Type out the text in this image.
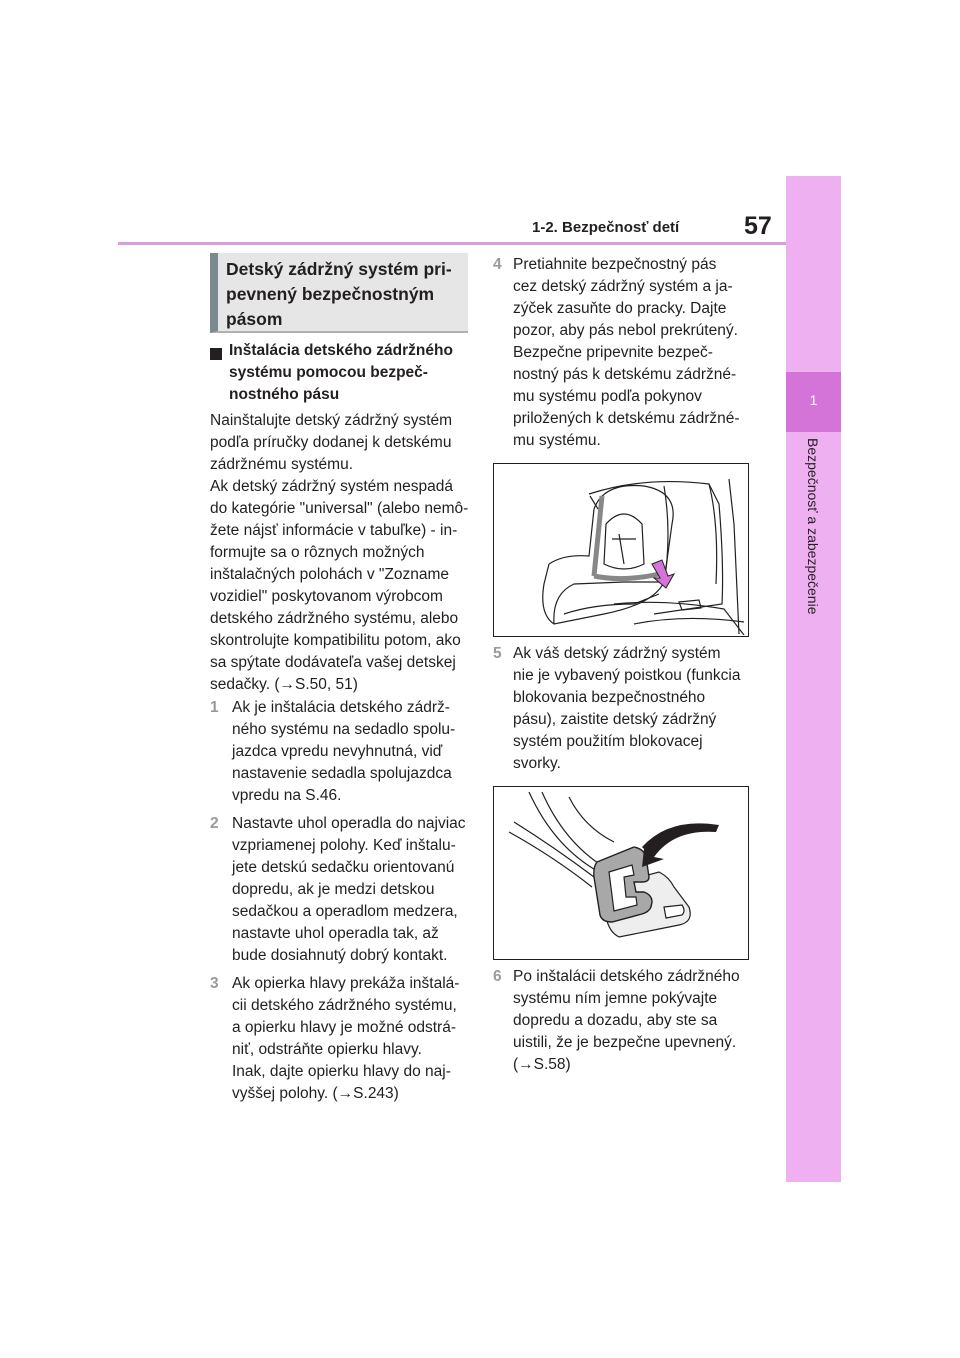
1-2. Bezpečnosť detí	57
1
Bezpečnosť a zabezpečenie
Detský zádržný systém pri-
pevnený bezpečnostným
pásom
Inštalácia detského zádržného
systému pomocou bezpeč-
nostného pásu
Nainštalujte detský zádržný systém
podľa príručky dodanej k detskému
zádržnému systému.
Ak detský zádržný systém nespadá
do kategórie "universal" (alebo nemô-
žete nájsť informácie v tabuľke) - in-
formujte sa o rôznych možných
inštalačných polohách v "Zozname
vozidiel" poskytovanom výrobcom
detského zádržného systému, alebo
skontrolujte kompatibilitu potom, ako
sa spýtate dodávateľa vašej detskej
sedačky. (→S.50, 51)
1 Ak je inštalácia detského zádrž-
ného systému na sedadlo spolu-
jazdca vpredu nevyhnutná, viď
nastavenie sedadla spolujazdca
vpredu na S.46.
2 Nastavte uhol operadla do najviac
vzpriamenej polohy. Keď inštalu-
jete detskú sedačku orientovanú
dopredu, ak je medzi detskou
sedačkou a operadlom medzera,
nastavte uhol operadla tak, až
bude dosiahnutý dobrý kontakt.
3 Ak opierka hlavy prekáža inštalá-
cii detského zádržného systému,
a opierku hlavy je možné odstrá-
niť, odstráňte opierku hlavy.
Inak, dajte opierku hlavy do naj-
vyššej polohy. (→S.243)
4 Pretiahnite bezpečnostný pás
cez detský zádržný systém a ja-
zýček zasuňte do pracky. Dajte
pozor, aby pás nebol prekrútený.
Bezpečne pripevnite bezpeč-
nostný pás k detskému zádržné-
mu systému podľa pokynov
priložených k detskému zádržné-
mu systému.
5 Ak váš detský zádržný systém
nie je vybavený poistkou (funkcia
blokovania bezpečnostného
pásu), zaistite detský zádržný
systém použitím blokovacej
svorky.
6 Po inštalácii detského zádržného
systému ním jemne pokývajte
dopredu a dozadu, aby ste sa
uistili, že je bezpečne upevnený.
(→S.58)
